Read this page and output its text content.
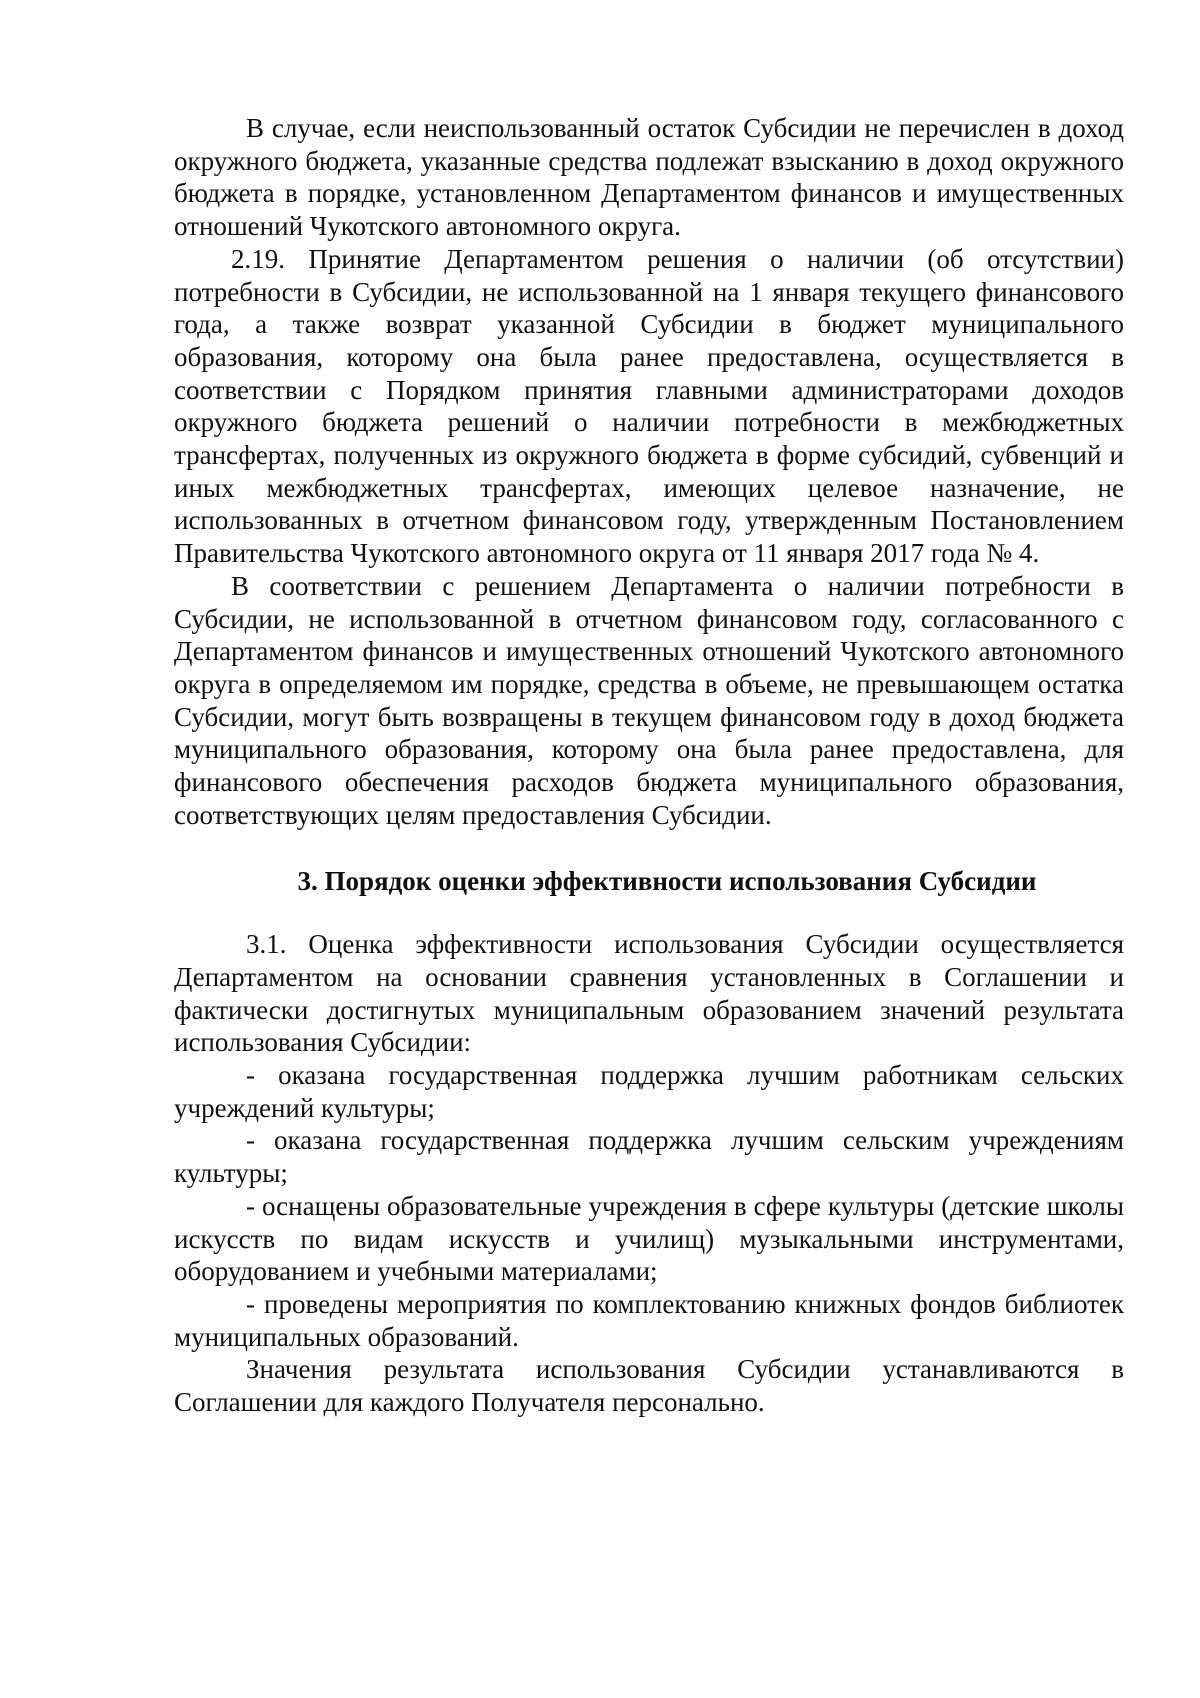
В случае, если неиспользованный остаток Субсидии не перечислен в доход окружного бюджета, указанные средства подлежат взысканию в доход окружного бюджета в порядке, установленном Департаментом финансов и имущественных отношений Чукотского автономного округа.

2.19. Принятие Департаментом решения о наличии (об отсутствии) потребности в Субсидии, не использованной на 1 января текущего финансового года, а также возврат указанной Субсидии в бюджет муниципального образования, которому она была ранее предоставлена, осуществляется в соответствии с Порядком принятия главными администраторами доходов окружного бюджета решений о наличии потребности в межбюджетных трансфертах, полученных из окружного бюджета в форме субсидий, субвенций и иных межбюджетных трансфертах, имеющих целевое назначение, не использованных в отчетном финансовом году, утвержденным Постановлением Правительства Чукотского автономного округа от 11 января 2017 года № 4.

В соответствии с решением Департамента о наличии потребности в Субсидии, не использованной в отчетном финансовом году, согласованного с Департаментом финансов и имущественных отношений Чукотского автономного округа в определяемом им порядке, средства в объеме, не превышающем остатка Субсидии, могут быть возвращены в текущем финансовом году в доход бюджета муниципального образования, которому она была ранее предоставлена, для финансового обеспечения расходов бюджета муниципального образования, соответствующих целям предоставления Субсидии.

3. Порядок оценки эффективности использования Субсидии

3.1. Оценка эффективности использования Субсидии осуществляется Департаментом на основании сравнения установленных в Соглашении и фактически достигнутых муниципальным образованием значений результата использования Субсидии:

- оказана государственная поддержка лучшим работникам сельских учреждений культуры;

- оказана государственная поддержка лучшим сельским учреждениям культуры;

- оснащены образовательные учреждения в сфере культуры (детские школы искусств по видам искусств и училищ) музыкальными инструментами, оборудованием и учебными материалами;

- проведены мероприятия по комплектованию книжных фондов библиотек муниципальных образований.

Значения результата использования Субсидии устанавливаются в Соглашении для каждого Получателя персонально.
